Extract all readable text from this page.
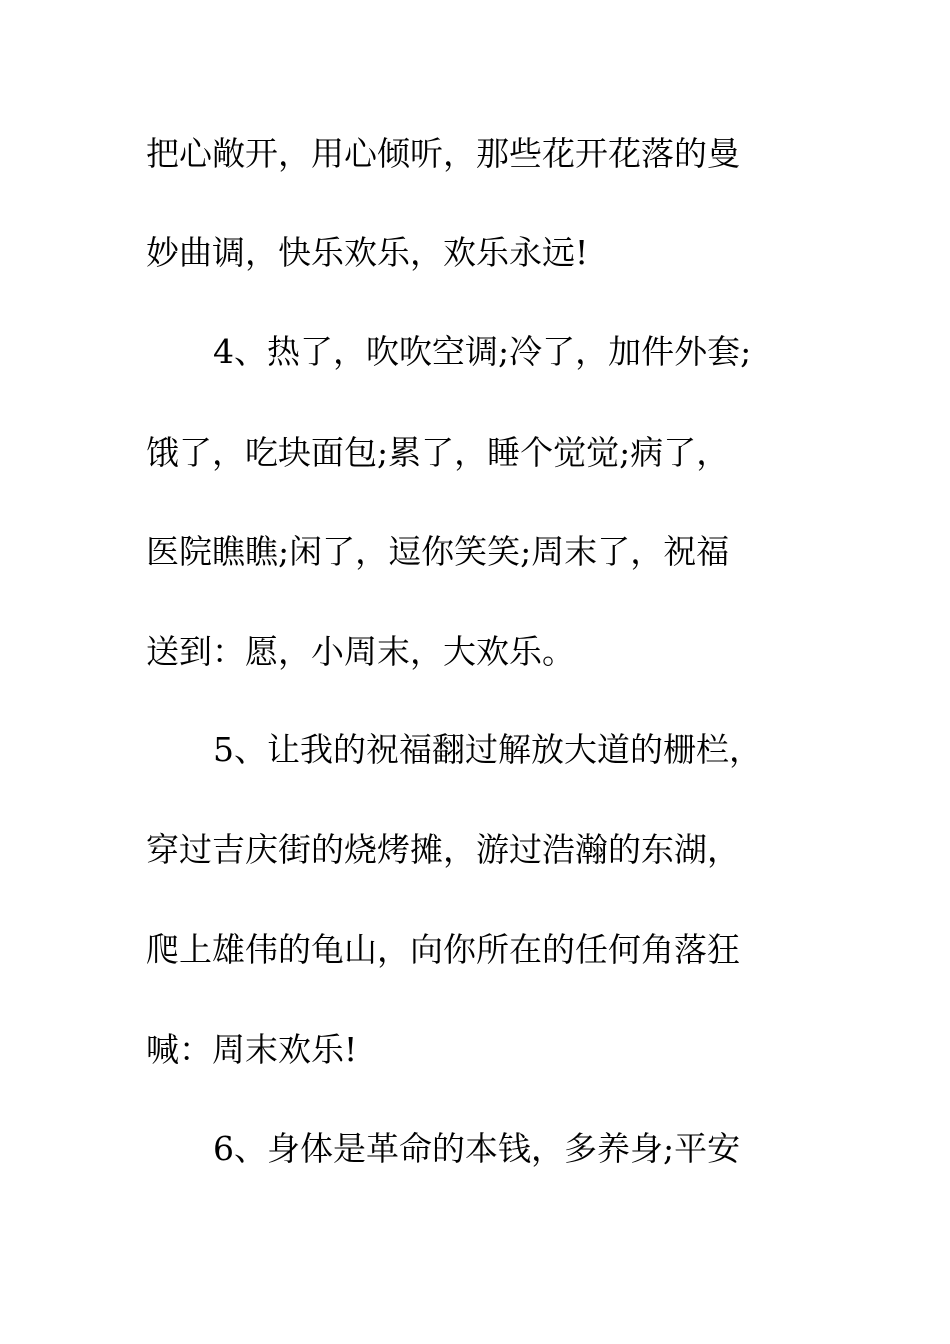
把心敞开，用心倾听，那些花开花落的曼
妙曲调，快乐欢乐，欢乐永远!
4、热了，吹吹空调;冷了，加件外套;
饿了，吃块面包;累了，睡个觉觉;病了，
医院瞧瞧;闲了，逗你笑笑;周末了，祝福
送到：愿，小周末，大欢乐。
5、让我的祝福翻过解放大道的栅栏，
穿过吉庆街的烧烤摊，游过浩瀚的东湖，
爬上雄伟的龟山，向你所在的任何角落狂
喊：周末欢乐!
6、身体是革命的本钱，多养身;平安
